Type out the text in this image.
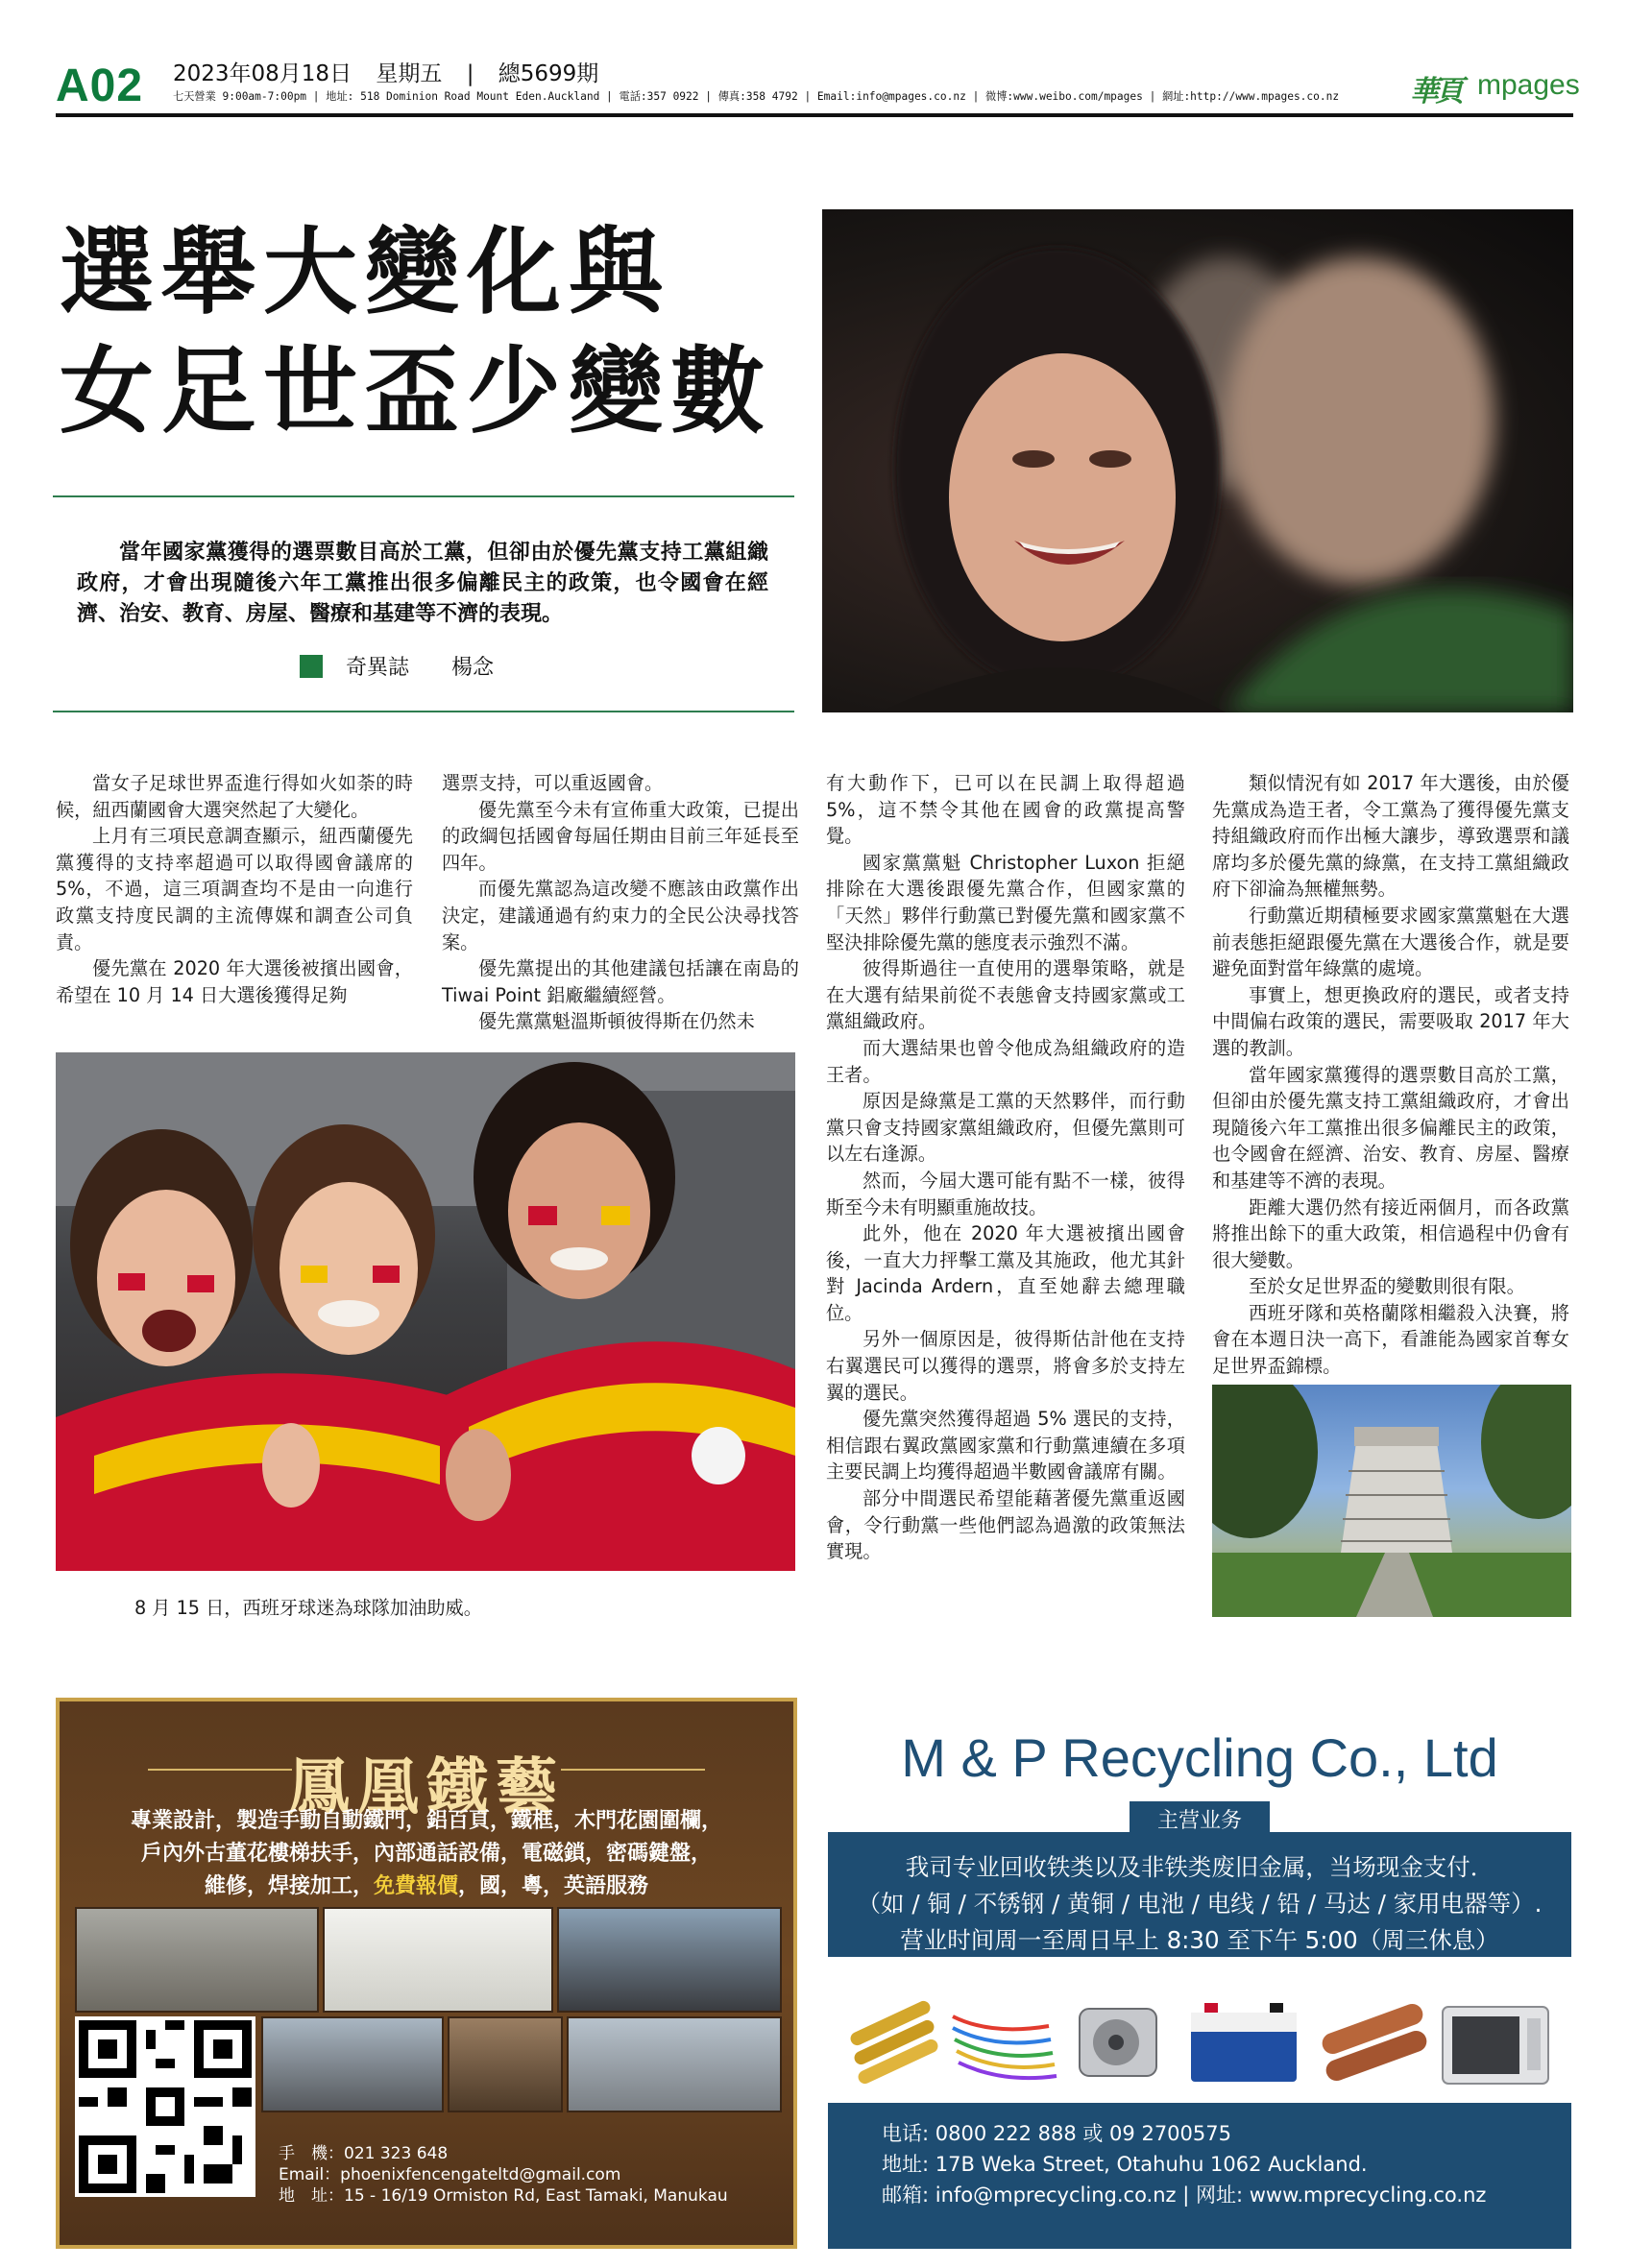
A02 2023年08月18日 星期五 | 總5699期
七天營業 9:00am-7:00pm | 地址: 518 Dominion Road Mount Eden.Auckland | 電話:357 0922 | 傳真:358 4792 | Email:info@mpages.co.nz | 微博:www.weibo.com/mpages | 網址:http://www.mpages.co.nz 華頁 mpages
選舉大變化與
女足世盃少變數
當年國家黨獲得的選票數目高於工黨，但卻由於優先黨支持工黨組織政府，才會出現隨後六年工黨推出很多偏離民主的政策，也令國會在經濟、治安、教育、房屋、醫療和基建等不濟的表現。
奇異誌 楊念

當女子足球世界盃進行得如火如荼的時候，紐西蘭國會大選突然起了大變化。

上月有三項民意調查顯示，紐西蘭優先黨獲得的支持率超過可以取得國會議席的 5%，不過，這三項調查均不是由一向進行政黨支持度民調的主流傳媒和調查公司負責。

優先黨在 2020 年大選後被擯出國會，希望在 10 月 14 日大選後獲得足夠

選票支持，可以重返國會。

優先黨至今未有宣佈重大政策，已提出的政綱包括國會每屆任期由目前三年延長至四年。

而優先黨認為這改變不應該由政黨作出決定，建議通過有約束力的全民公決尋找答案。

優先黨提出的其他建議包括讓在南島的 Tiwai Point 鋁廠繼續經營。

優先黨黨魁溫斯頓彼得斯在仍然未

有大動作下，已可以在民調上取得超過 5%，這不禁令其他在國會的政黨提高警覺。

國家黨黨魁 Christopher Luxon 拒絕排除在大選後跟優先黨合作，但國家黨的「天然」夥伴行動黨已對優先黨和國家黨不堅決排除優先黨的態度表示強烈不滿。

彼得斯過往一直使用的選舉策略，就是在大選有結果前從不表態會支持國家黨或工黨組織政府。

而大選結果也曾令他成為組織政府的造王者。

原因是綠黨是工黨的天然夥伴，而行動黨只會支持國家黨組織政府，但優先黨則可以左右逢源。

然而，今屆大選可能有點不一樣，彼得斯至今未有明顯重施故技。

此外，他在 2020 年大選被擯出國會後，一直大力抨擊工黨及其施政，他尤其針對 Jacinda Ardern，直至她辭去總理職位。

另外一個原因是，彼得斯估計他在支持右翼選民可以獲得的選票，將會多於支持左翼的選民。

優先黨突然獲得超過 5% 選民的支持，相信跟右翼政黨國家黨和行動黨連續在多項主要民調上均獲得超過半數國會議席有關。

部分中間選民希望能藉著優先黨重返國會，令行動黨一些他們認為過激的政策無法實現。

類似情況有如 2017 年大選後，由於優先黨成為造王者，令工黨為了獲得優先黨支持組織政府而作出極大讓步，導致選票和議席均多於優先黨的綠黨，在支持工黨組織政府下卻淪為無權無勢。

行動黨近期積極要求國家黨黨魁在大選前表態拒絕跟優先黨在大選後合作，就是要避免面對當年綠黨的處境。

事實上，想更換政府的選民，或者支持中間偏右政策的選民，需要吸取 2017 年大選的教訓。

當年國家黨獲得的選票數目高於工黨，但卻由於優先黨支持工黨組織政府，才會出現隨後六年工黨推出很多偏離民主的政策，也令國會在經濟、治安、教育、房屋、醫療和基建等不濟的表現。

距離大選仍然有接近兩個月，而各政黨將推出餘下的重大政策，相信過程中仍會有很大變數。

至於女足世界盃的變數則很有限。

西班牙隊和英格蘭隊相繼殺入決賽，將會在本週日決一高下，看誰能為國家首奪女足世界盃錦標。

8 月 15 日，西班牙球迷為球隊加油助威。
鳳凰鐵藝
專業設計，製造手動自動鐵門，鋁百頁，鐵框，木門花園圍欄，
戶內外古董花樓梯扶手，內部通話設備，電磁鎖，密碼鍵盤，
維修，焊接加工，免費報價，國，粵，英語服務
手　機：021 323 648
Email：phoenixfencengateltd@gmail.com
地　址：15 - 16/19 Ormiston Rd, East Tamaki, Manukau
M & P Recycling Co., Ltd
主营业务
我司专业回收铁类以及非铁类废旧金属，当场现金支付．
（如 / 铜 / 不锈钢 / 黄铜 / 电池 / 电线 / 铅 / 马达 / 家用电器等）.
营业时间周一至周日早上 8:30 至下午 5:00（周三休息）
电话: 0800 222 888 或 09 2700575
地址: 17B Weka Street, Otahuhu 1062 Auckland.
邮箱: info@mprecycling.co.nz | 网址: www.mprecycling.co.nz
